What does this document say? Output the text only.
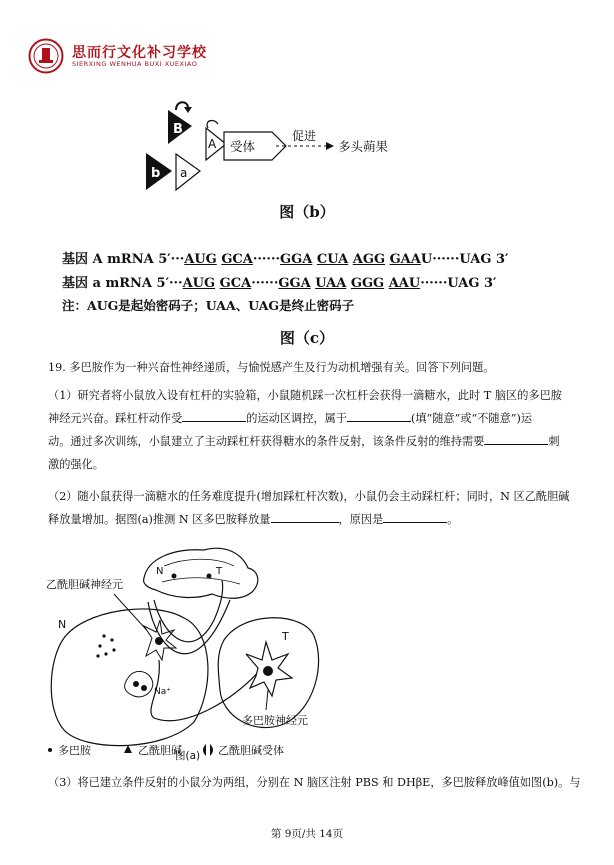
思而行文化补习学校
SIERXING WENHUA BUXI XUEXIAO
B
b a
A 受体
促进
多头蒴果
图（b）
基因 A mRNA 5′···AUG GCA······GGA CUA AGG GAAU······UAG 3′
基因 a mRNA 5′···AUG GCA······GGA UAA GGG AAU······UAG 3′
注：AUG是起始密码子；UAA、UAG是终止密码子
图（c）
19. 多巴胺作为一种兴奋性神经递质，与愉悦感产生及行为动机增强有关。回答下列问题。
（1）研究者将小鼠放入设有杠杆的实验箱，小鼠随机踩一次杠杆会获得一滴糖水，此时 T 脑区的多巴胺
神经元兴奋。踩杠杆动作受	的运动区调控，属于	(填“随意”或“不随意”)运
动。通过多次训练，小鼠建立了主动踩杠杆获得糖水的条件反射，该条件反射的维持需要	刺
激的强化。
（2）随小鼠获得一滴糖水的任务难度提升(增加踩杠杆次数)，小鼠仍会主动踩杠杆；同时，N 区乙酰胆碱
释放量增加。据图(a)推测 N 区多巴胺释放量	，原因是	。
N	T
乙酰胆碱神经元
N
Na⁺
T
多巴胺神经元
多巴胺	乙酰胆碱	乙酰胆碱受体
图(a)
（3）将已建立条件反射的小鼠分为两组，分别在 N 脑区注射 PBS 和 DHβE，多巴胺释放峰值如图(b)。与
第 9页/共 14页
